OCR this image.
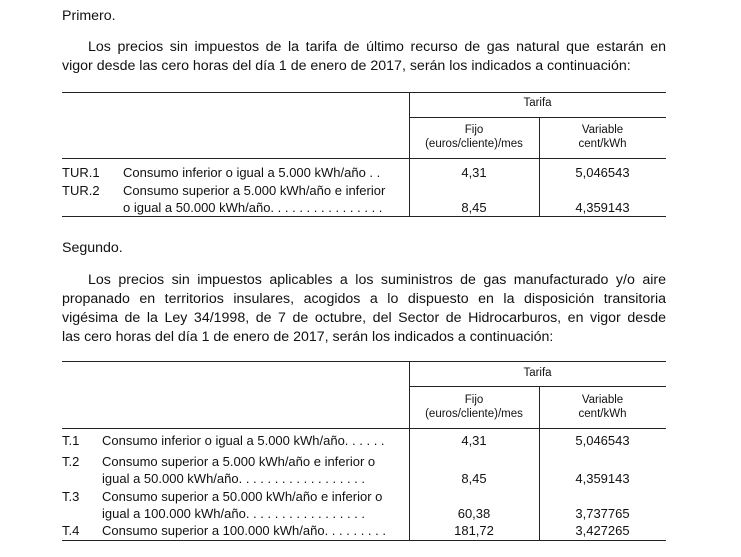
Primero.
Los precios sin impuestos de la tarifa de último recurso de gas natural que estarán en
vigor desde las cero horas del día 1 de enero de 2017, serán los indicados a continuación:
Tarifa
Fijo
(euros/cliente)/mes
Variable
cent/kWh
TUR.1 Consumo inferior o igual a 5.000 kWh/año . .	4,31	5,046543
TUR.2 Consumo superior a 5.000 kWh/año e inferior
o igual a 50.000 kWh/año. . . . . . . . . . . . . . . .	8,45	4,359143
Segundo.
Los precios sin impuestos aplicables a los suministros de gas manufacturado y/o aire
propanado en territorios insulares, acogidos a lo dispuesto en la disposición transitoria
vigésima de la Ley 34/1998, de 7 de octubre, del Sector de Hidrocarburos, en vigor desde
las cero horas del día 1 de enero de 2017, serán los indicados a continuación:
Tarifa
Fijo
(euros/cliente)/mes
Variable
cent/kWh
T.1 Consumo inferior o igual a 5.000 kWh/año. . . . . .	4,31	5,046543
T.2 Consumo superior a 5.000 kWh/año e inferior o
igual a 50.000 kWh/año. . . . . . . . . . . . . . . . . .	8,45	4,359143
T.3 Consumo superior a 50.000 kWh/año e inferior o
igual a 100.000 kWh/año. . . . . . . . . . . . . . . . .	60,38	3,737765
T.4 Consumo superior a 100.000 kWh/año. . . . . . . . .	181,72	3,427265
